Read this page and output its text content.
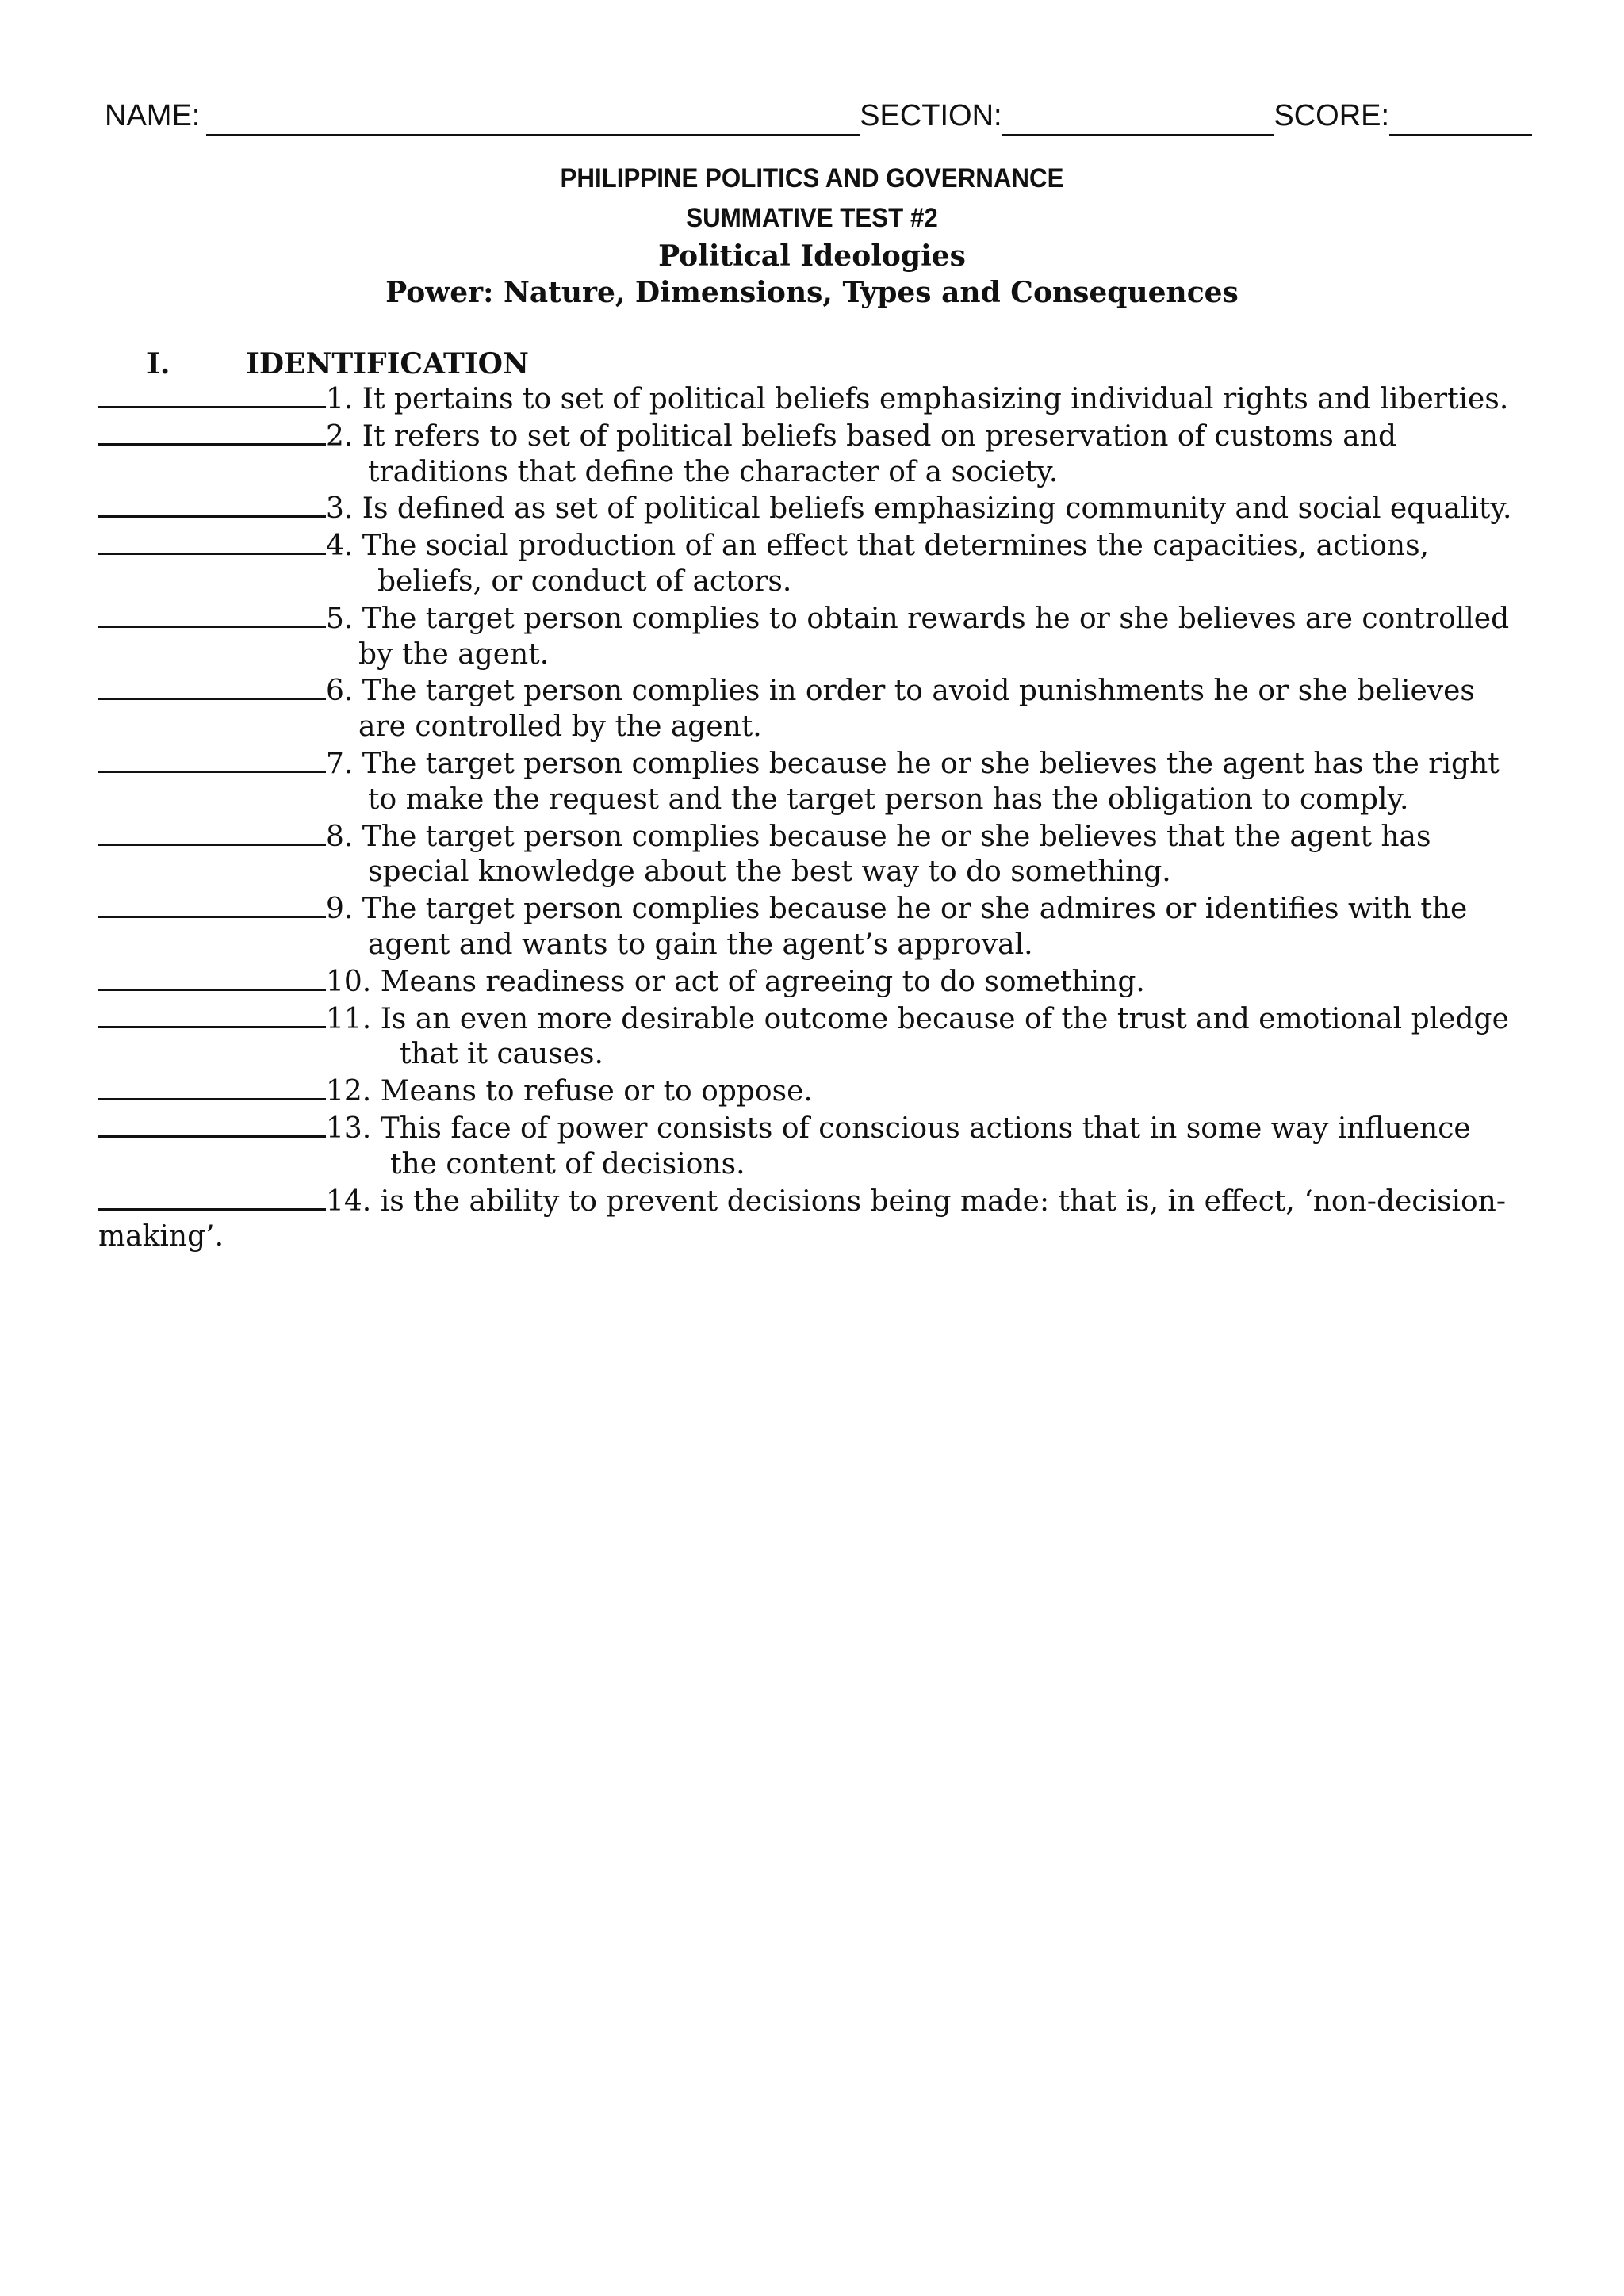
NAME:	SECTION:	SCORE:
PHILIPPINE POLITICS AND GOVERNANCE
SUMMATIVE TEST #2
Political Ideologies
Power: Nature, Dimensions, Types and Consequences
I.	IDENTIFICATION
1. It pertains to set of political beliefs emphasizing individual rights and liberties.
2. It refers to set of political beliefs based on preservation of customs and
traditions that define the character of a society.
3. Is defined as set of political beliefs emphasizing community and social equality.
4. The social production of an effect that determines the capacities, actions,
beliefs, or conduct of actors.
5. The target person complies to obtain rewards he or she believes are controlled
by the agent.
6. The target person complies in order to avoid punishments he or she believes
are controlled by the agent.
7. The target person complies because he or she believes the agent has the right
to make the request and the target person has the obligation to comply.
8. The target person complies because he or she believes that the agent has
special knowledge about the best way to do something.
9. The target person complies because he or she admires or identifies with the
agent and wants to gain the agent’s approval.
10. Means readiness or act of agreeing to do something.
11. Is an even more desirable outcome because of the trust and emotional pledge
that it causes.
12. Means to refuse or to oppose.
13. This face of power consists of conscious actions that in some way influence
the content of decisions.
14. is the ability to prevent decisions being made: that is, in effect, ‘non-decision-
making’.
